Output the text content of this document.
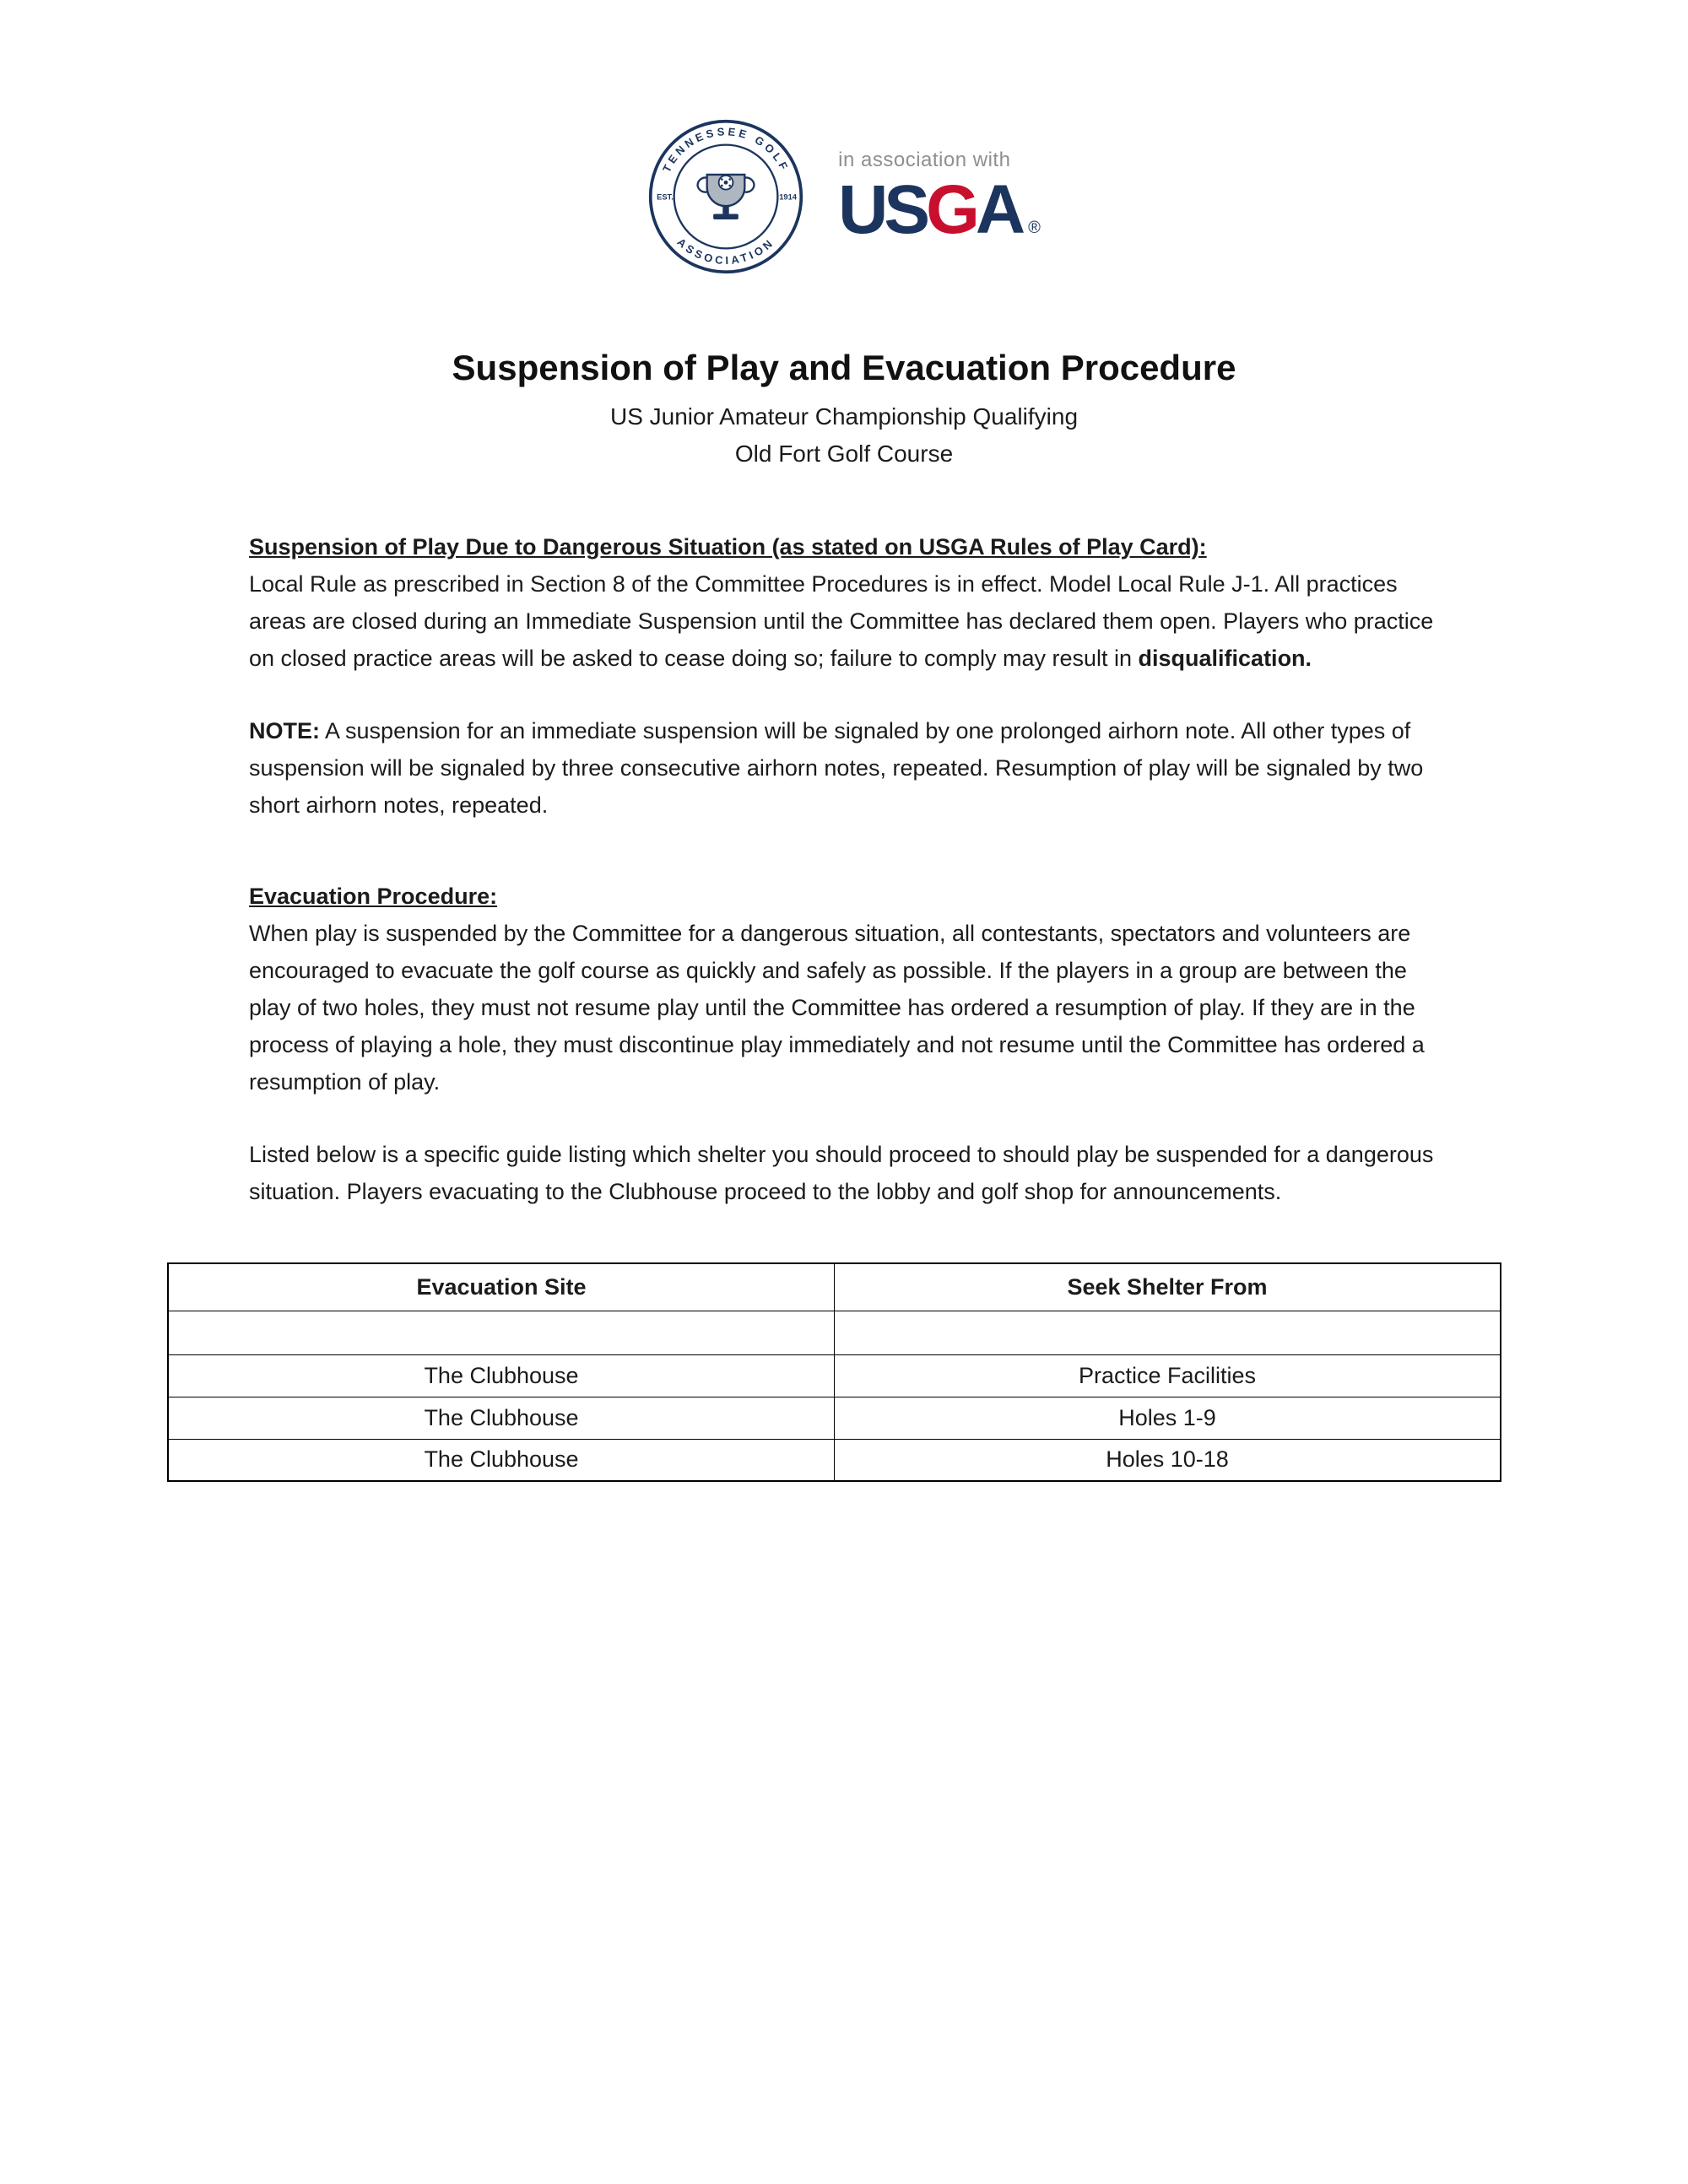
TENNESSEE GOLF
ASSOCIATION
EST.	1914
in association with
USGA ®
Suspension of Play and Evacuation Procedure
US Junior Amateur Championship Qualifying
Old Fort Golf Course
Suspension of Play Due to Dangerous Situation (as stated on USGA Rules of Play Card):

Local Rule as prescribed in Section 8 of the Committee Procedures is in effect. Model Local Rule J-1. All practices areas are closed during an Immediate Suspension until the Committee has declared them open. Players who practice on closed practice areas will be asked to cease doing so; failure to comply may result in disqualification.

NOTE: A suspension for an immediate suspension will be signaled by one prolonged airhorn note. All other types of suspension will be signaled by three consecutive airhorn notes, repeated. Resumption of play will be signaled by two short airhorn notes, repeated.

Evacuation Procedure:

When play is suspended by the Committee for a dangerous situation, all contestants, spectators and volunteers are encouraged to evacuate the golf course as quickly and safely as possible. If the players in a group are between the play of two holes, they must not resume play until the Committee has ordered a resumption of play. If they are in the process of playing a hole, they must discontinue play immediately and not resume until the Committee has ordered a resumption of play.

Listed below is a specific guide listing which shelter you should proceed to should play be suspended for a dangerous situation. Players evacuating to the Clubhouse proceed to the lobby and golf shop for announcements.

Evacuation Site	Seek Shelter From

The Clubhouse	Practice Facilities
The Clubhouse	Holes 1-9
The Clubhouse	Holes 10-18
